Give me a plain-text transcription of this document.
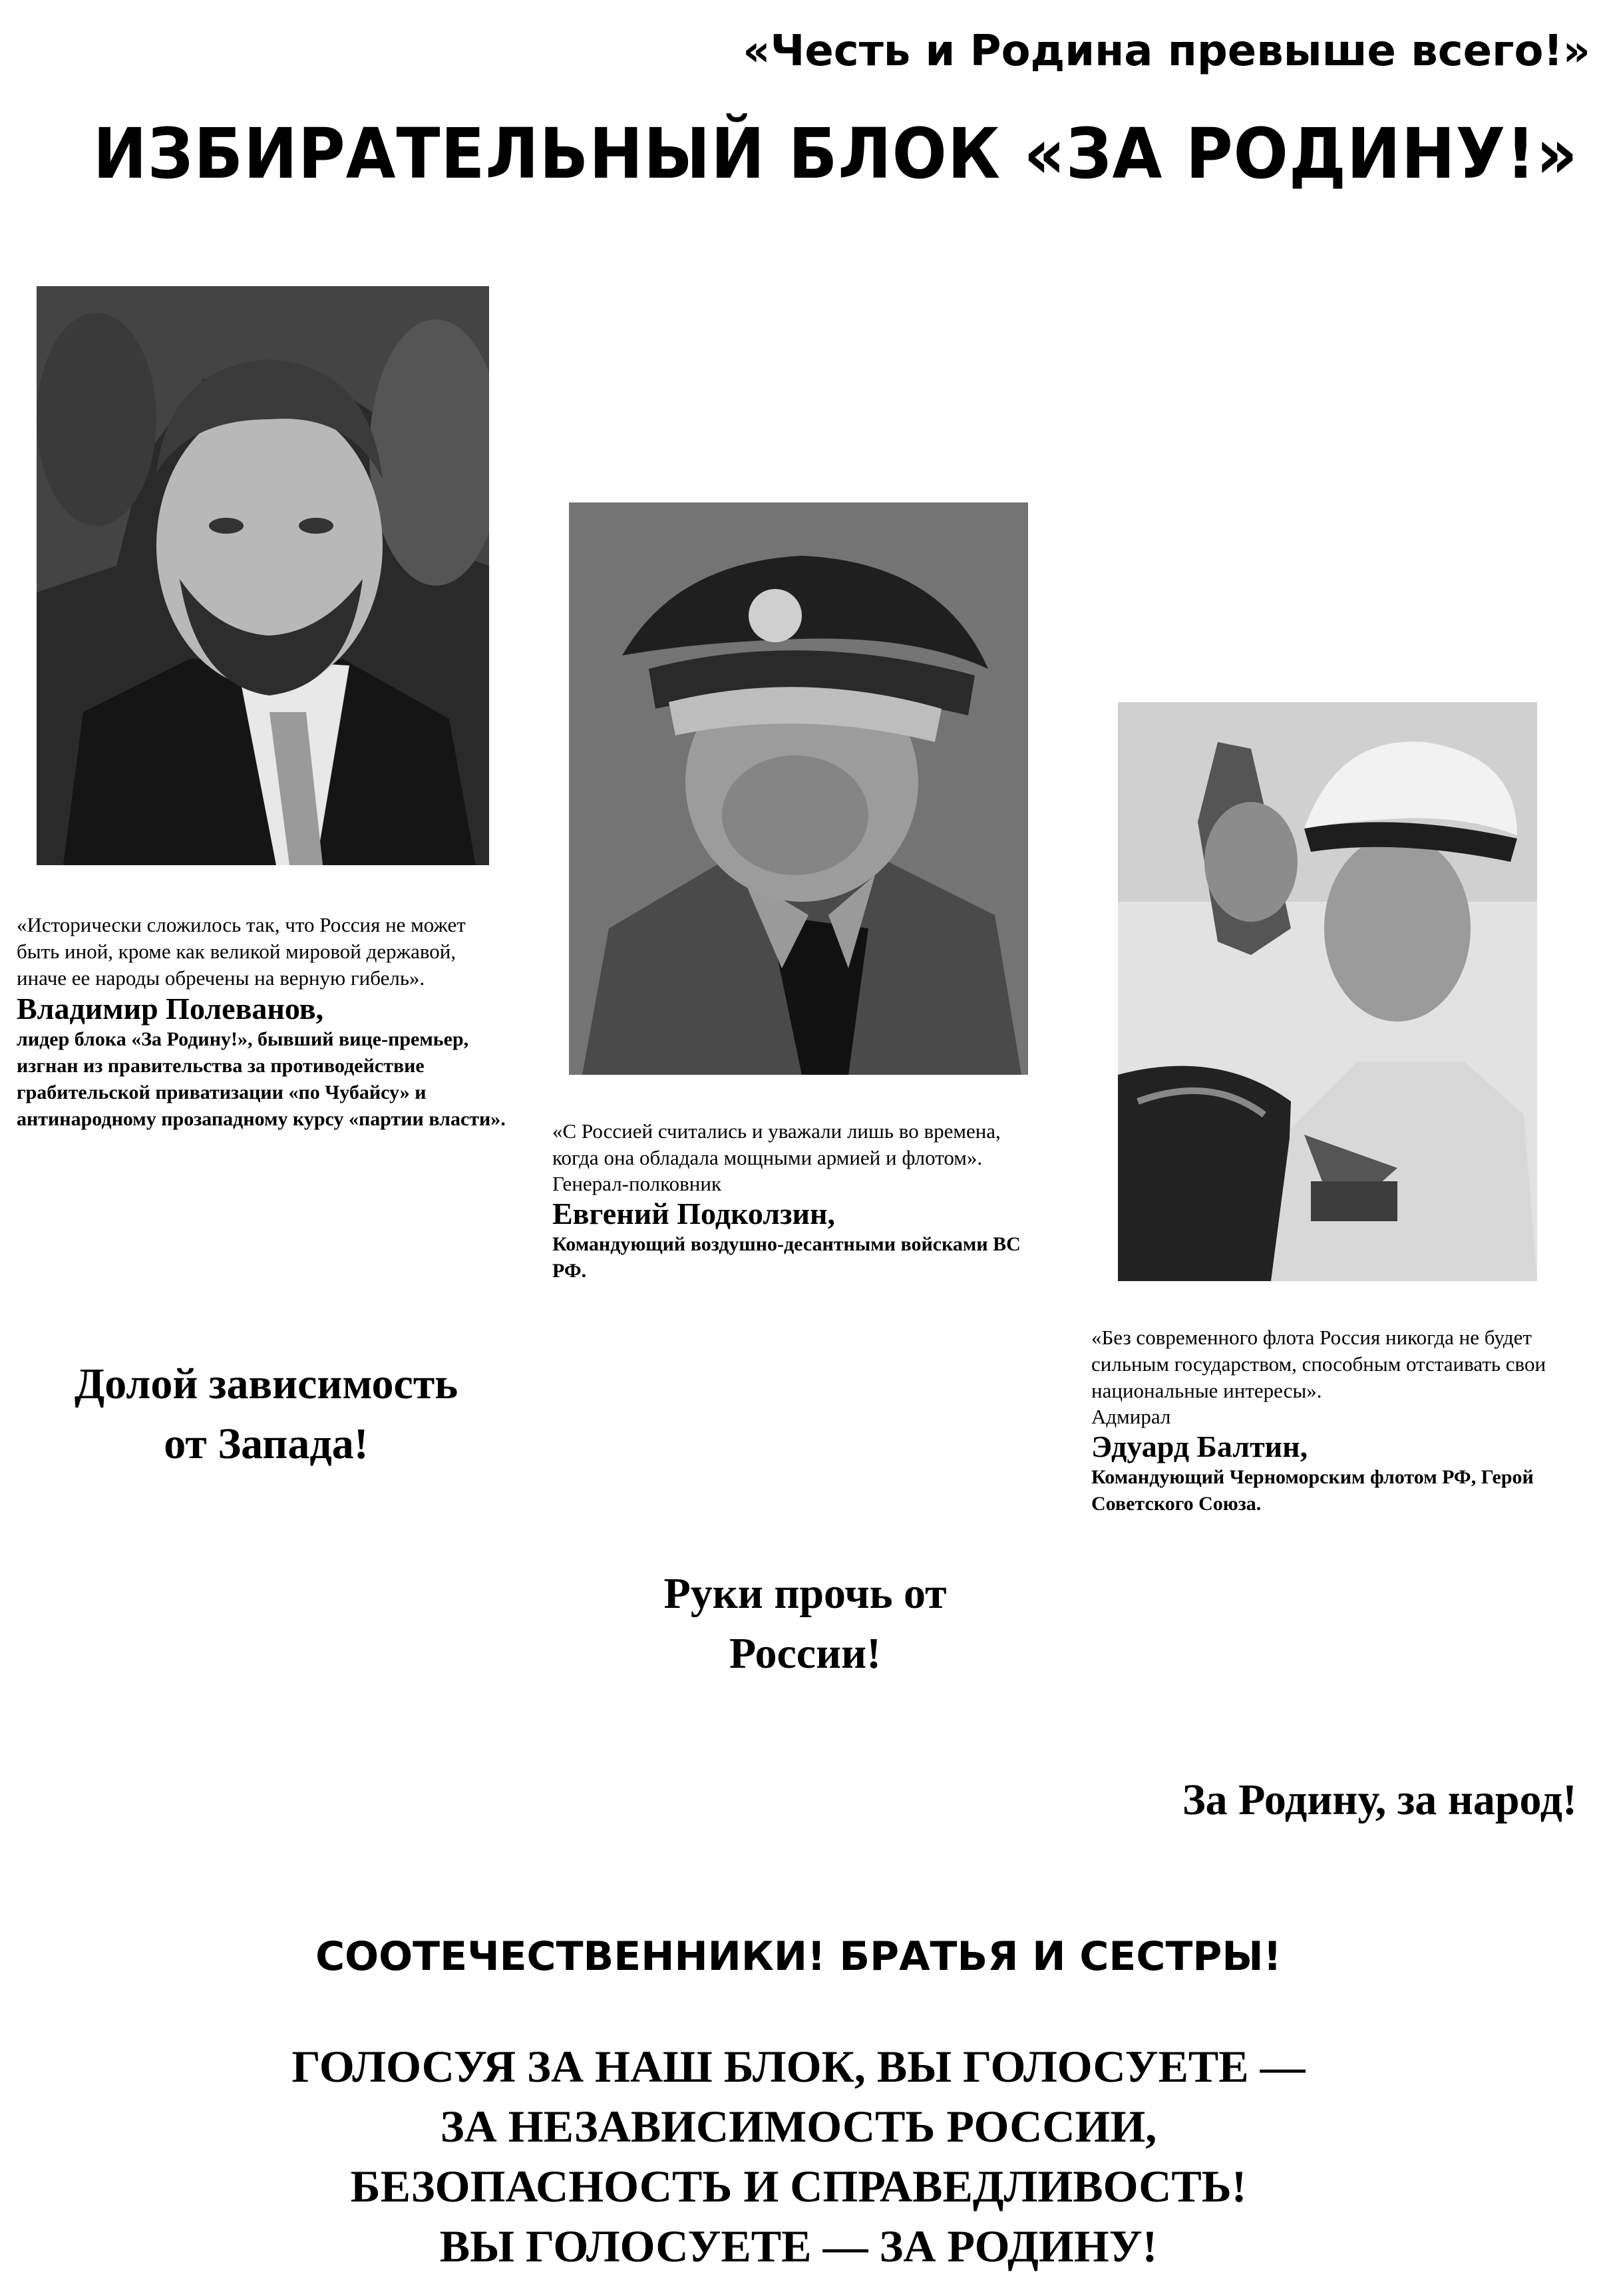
«Честь и Родина превыше всего!»
ИЗБИРАТЕЛЬНЫЙ БЛОК «ЗА РОДИНУ!»

«Исторически сложилось так, что Россия не может быть иной, кроме как великой мировой державой, иначе ее народы обречены на верную гибель».

Владимир Полеванов,

лидер блока «За Родину!», бывший вице-премьер, изгнан из правительства за противодействие грабительской приватизации «по Чубайсу» и антинародному прозападному курсу «партии власти».

«С Россией считались и уважали лишь во времена, когда она обладала мощными армией и флотом».

Генерал-полковник

Евгений Подколзин,

Командующий воздушно-десантными войсками ВС РФ.

«Без современного флота Россия никогда не будет сильным государством, способным отстаивать свои национальные интересы».

Адмирал

Эдуард Балтин,

Командующий Черноморским флотом РФ, Герой Советского Союза.

Долой зависимость
от Запада!
Руки прочь от
России!
За Родину, за народ!
СООТЕЧЕСТВЕННИКИ! БРАТЬЯ И СЕСТРЫ!
ГОЛОСУЯ ЗА НАШ БЛОК, ВЫ ГОЛОСУЕТЕ —
ЗА НЕЗАВИСИМОСТЬ РОССИИ,
БЕЗОПАСНОСТЬ И СПРАВЕДЛИВОСТЬ!
ВЫ ГОЛОСУЕТЕ — ЗА РОДИНУ!
